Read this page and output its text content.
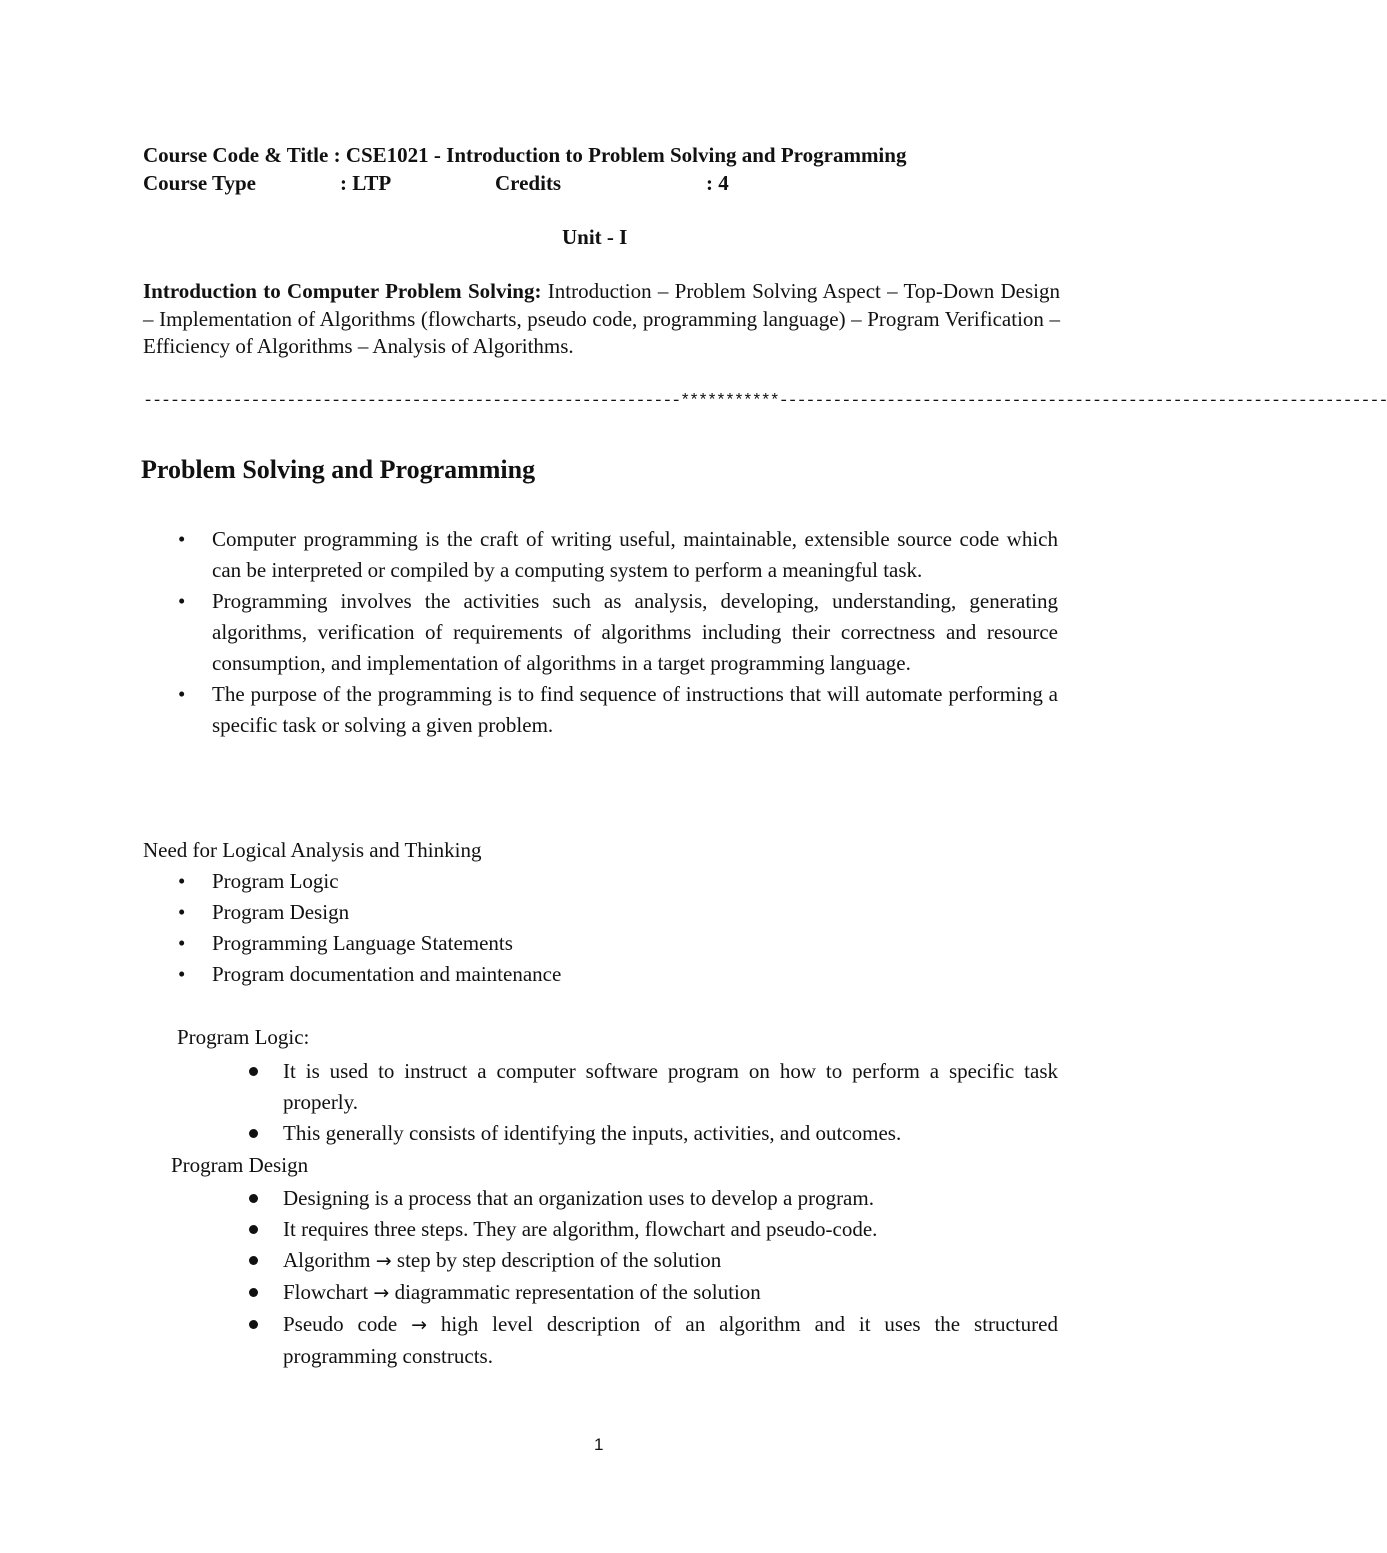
Course Code & Title : CSE1021 - Introduction to Problem Solving and Programming
Course Type	: LTP	Credits	: 4
Unit - I
Introduction to Computer Problem Solving: Introduction – Problem Solving Aspect – Top-Down Design – Implementation of Algorithms (flowcharts, pseudo code, programming language) – Program Verification – Efficiency of Algorithms – Analysis of Algorithms.
------------------------------------------------------------***********--------------------------------------------------------------------
Problem Solving and Programming
• Computer programming is the craft of writing useful, maintainable, extensible source code which can be interpreted or compiled by a computing system to perform a meaningful task.
• Programming involves the activities such as analysis, developing, understanding, generating algorithms, verification of requirements of algorithms including their correctness and resource consumption, and implementation of algorithms in a target programming language.
• The purpose of the programming is to find sequence of instructions that will automate performing a specific task or solving a given problem.
Need for Logical Analysis and Thinking
• Program Logic
• Program Design
• Programming Language Statements
• Program documentation and maintenance
Program Logic:
It is used to instruct a computer software program on how to perform a specific task properly.
This generally consists of identifying the inputs, activities, and outcomes.
Program Design
Designing is a process that an organization uses to develop a program.
It requires three steps. They are algorithm, flowchart and pseudo-code.
Algorithm → step by step description of the solution
Flowchart → diagrammatic representation of the solution
Pseudo code → high level description of an algorithm and it uses the structured programming constructs.
1
